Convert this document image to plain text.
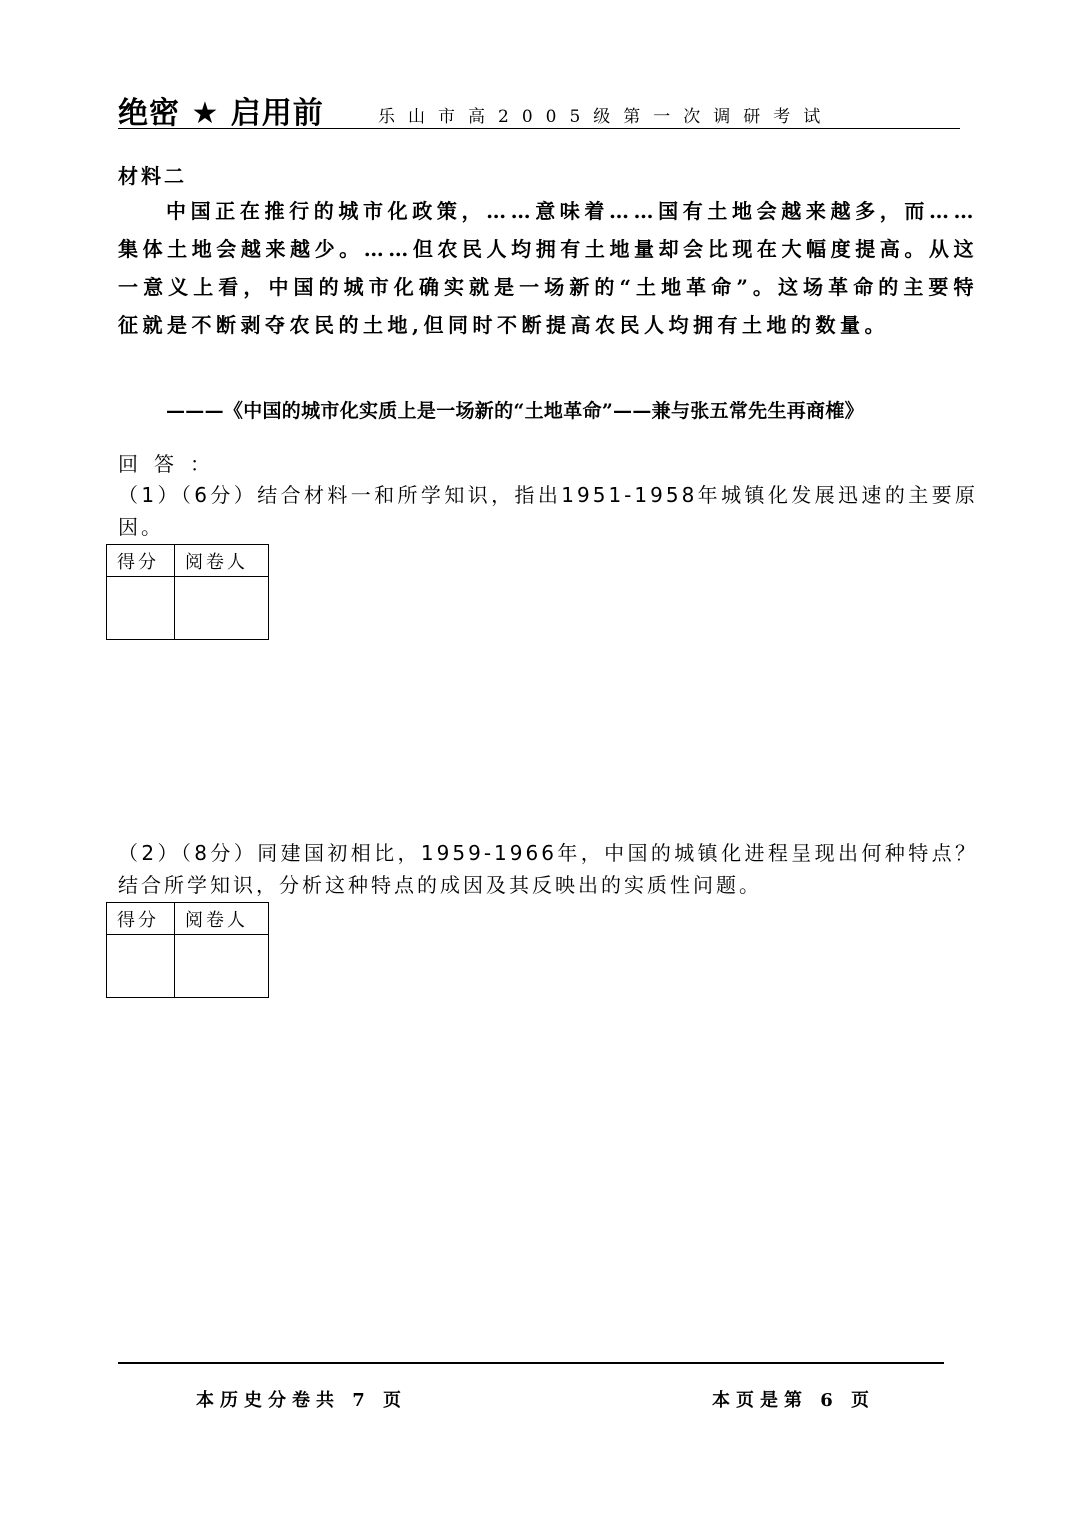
绝密 ★ 启用前	乐山市高2005级第一次调研考试
材料二

中国正在推行的城市化政策，……意味着……国有土地会越来越多，而……集体土地会越来越少。……但农民人均拥有土地量却会比现在大幅度提高。从这一意义上看，中国的城市化确实就是一场新的“土地革命”。这场革命的主要特征就是不断剥夺农民的土地,但同时不断提高农民人均拥有土地的数量。

———《中国的城市化实质上是一场新的“土地革命”——兼与张五常先生再商榷》
回答：

（1）（6分）结合材料一和所学知识，指出1951-1958年城镇化发展迅速的主要原因。

得分	阅卷人

（2）（8分）同建国初相比，1959-1966年，中国的城镇化进程呈现出何种特点？结合所学知识，分析这种特点的成因及其反映出的实质性问题。

得分	阅卷人

本历史分卷共 7 页	本页是第 6 页
